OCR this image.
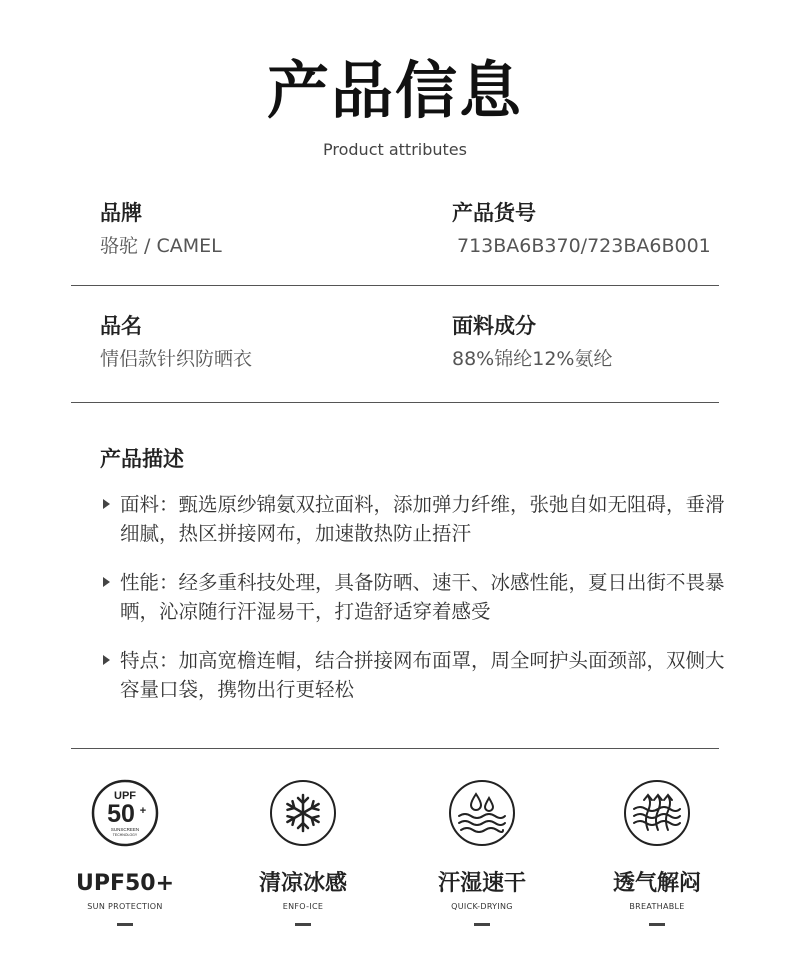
产品信息
Product attributes
品牌
骆驼 / CAMEL
产品货号
713BA6B370/723BA6B001
品名
情侣款针织防晒衣
面料成分
88%锦纶12%氨纶
产品描述
面料：甄选原纱锦氨双拉面料，添加弹力纤维，张弛自如无阻碍，垂滑细腻，热区拼接网布，加速散热防止捂汗
性能：经多重科技处理，具备防晒、速干、冰感性能，夏日出街不畏暴晒，沁凉随行汗湿易干，打造舒适穿着感受
特点：加高宽檐连帽，结合拼接网布面罩，周全呵护头面颈部，双侧大容量口袋，携物出行更轻松
UPF
50 +
SUNSCREEN
TECHNOLOGY
UPF50+
SUN PROTECTION
清凉冰感
ENFO-ICE
汗湿速干
QUICK-DRYING
透气解闷
BREATHABLE
